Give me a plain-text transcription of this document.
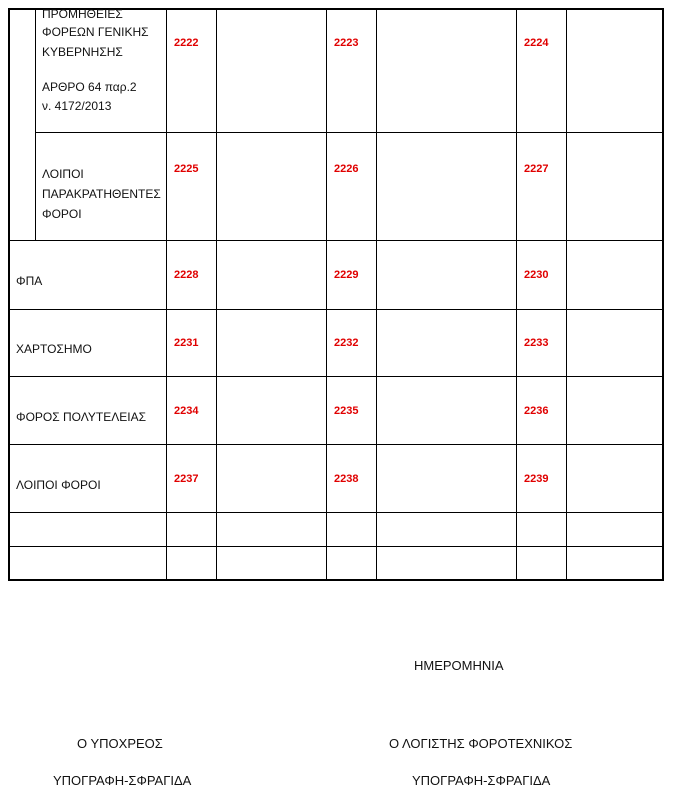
ΠΡΟΜΗΘΕΙΕΣ
ΦΟΡΕΩΝ ΓΕΝΙΚΗΣ
ΚΥΒΕΡΝΗΣΗΣ
ΑΡΘΡΟ 64 παρ.2
ν. 4172/2013
2222	2223	2224
ΛΟΙΠΟΙ
ΠΑΡΑΚΡΑΤΗΘΕΝΤΕΣ
ΦΟΡΟΙ
2225	2226	2227
ΦΠΑ	2228	2229	2230
ΧΑΡΤΟΣΗΜΟ	2231	2232	2233
ΦΟΡΟΣ ΠΟΛΥΤΕΛΕΙΑΣ	2234	2235	2236
ΛΟΙΠΟΙ ΦΟΡΟΙ	2237	2238	2239
ΗΜΕΡΟΜΗΝΙΑ
Ο ΥΠΟΧΡΕΟΣ	Ο ΛΟΓΙΣΤΗΣ ΦΟΡΟΤΕΧΝΙΚΟΣ
ΥΠΟΓΡΑΦΗ-ΣΦΡΑΓΙΔΑ	ΥΠΟΓΡΑΦΗ-ΣΦΡΑΓΙΔΑ
